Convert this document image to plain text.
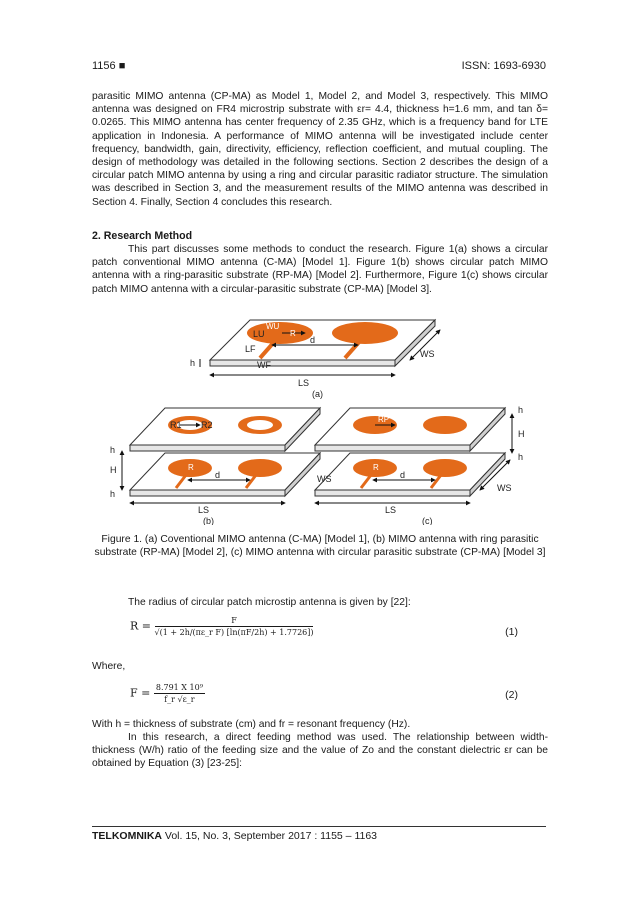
1156 ■	ISSN: 1693-6930

parasitic MIMO antenna (CP-MA) as Model 1, Model 2, and Model 3, respectively. This MIMO antenna was designed on FR4 microstrip substrate with εr= 4.4, thickness h=1.6 mm, and tan δ= 0.0265. This MIMO antenna has center frequency of 2.35 GHz, which is a frequency band for LTE application in Indonesia. A performance of MIMO antenna will be investigated include center frequency, bandwidth, gain, directivity, efficiency, reflection coefficient, and mutual coupling. The design of methodology was detailed in the following sections. Section 2 describes the design of a circular patch MIMO antenna by using a ring and circular parasitic radiator structure. The simulation was described in Section 3, and the measurement results of the MIMO antenna was described in Section 4. Finally, Section 4 concludes this research.

2. Research Method

This part discusses some methods to conduct the research. Figure 1(a) shows a circular patch conventional MIMO antenna (C-MA) [Model 1]. Figure 1(b) shows circular patch MIMO antenna with a ring-parasitic substrate (RP-MA) [Model 2]. Furthermore, Figure 1(c) shows circular patch MIMO antenna with a circular-parasitic substrate (CP-MA) [Model 3].

h
LF
WF
WU
LU	R
d
WS
LS
(a)
R1 R2
R
d
h
H
h
LS
(b)
RP
R
d
WS
WS
h
H
h
LS
(c)

Figure 1. (a) Coventional MIMO antenna (C-MA) [Model 1], (b) MIMO antenna with ring parasitic substrate (RP-MA) [Model 2], (c) MIMO antenna with circular parasitic substrate (CP-MA) [Model 3]

The radius of circular patch microstip antenna is given by [22]:

$R = \frac{F}{\text{√(1 + 2h/(πε\_r F) [ln(πF/2h) + 1.7726])}}$	(1)

Where,

$F = \frac{\text{8.791 X 10⁹}}{f\_r √\varepsilon\_r}$	(2)

With h = thickness of substrate (cm) and fr = resonant frequency (Hz).

In this research, a direct feeding method was used. The relationship between width-thickness (W/h) ratio of the feeding size and the value of Zo and the constant dielectric εr can be obtained by Equation (3) [23-25]:

TELKOMNIKA Vol. 15, No. 3, September 2017 : 1155 – 1163
